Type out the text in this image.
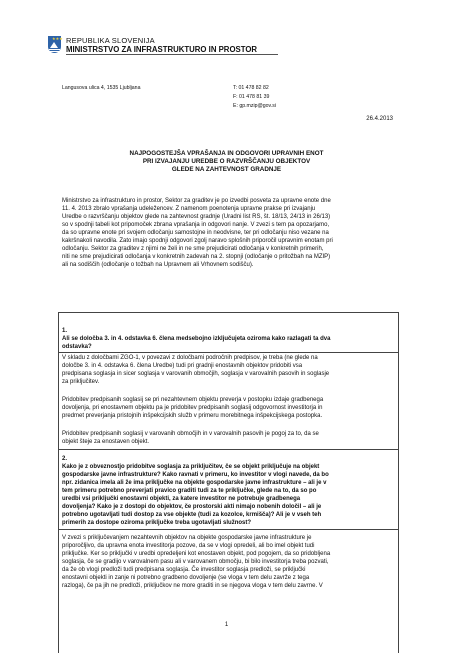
★★★ REPUBLIKA SLOVENIJA
MINISTRSTVO ZA INFRASTRUKTURO IN PROSTOR
Langusova ulica 4, 1535 Ljubljana	T: 01 478 82 82
F: 01 478 81 39
E: gp.mzip@gov.si
26.4.2013
NAJPOGOSTEJŠA VPRAŠANJA IN ODGOVORI UPRAVNIH ENOT
PRI IZVAJANJU UREDBE O RAZVRŠČANJU OBJEKTOV
GLEDE NA ZAHTEVNOST GRADNJE
Ministrstvo za infrastrukturo in prostor, Sektor za graditev je po izvedbi posveta za upravne enote dne
11. 4. 2013 zbralo vprašanja udeležencev. Z namenom poenotenja upravne prakse pri izvajanju
Uredbe o razvrščanju objektov glede na zahtevnost gradnje (Uradni list RS, št. 18/13, 24/13 in 26/13)
so v spodnji tabeli kot pripomoček zbrana vprašanja in odgovori nanje. V zvezi s tem pa opozarjamo,
da so upravne enote pri svojem odločanju samostojne in neodvisne, ter pri odločanju niso vezane na
kakršnakoli navodila. Zato imajo spodnji odgovori zgolj naravo splošnih priporočil upravnim enotam pri
odločanju. Sektor za graditev z njimi ne želi in ne sme prejudicirati odločanja v konkretnih primerih,
niti ne sme prejudicirati odločanja v konkretnih zadevah na 2. stopnji (odločanje o pritožbah na MZIP)
ali na sodiščih (odločanje o tožbah na Upravnem ali Vrhovnem sodišču).
1.
Ali se določba 3. in 4. odstavka 6. člena medsebojno izključujeta oziroma kako razlagati ta dva
odstavka?
V skladu z določbami ZGO-1, v povezavi z določbami področnih predpisov, je treba (ne glede na
določbe 3. in 4. odstavka 6. člena Uredbe) tudi pri gradnji enostavnih objektov pridobiti vsa
predpisana soglasja in sicer soglasja v varovanih območjih, soglasja v varovalnih pasovih in soglasje
za priključitev.
Pridobitev predpisanih soglasij se pri nezahtevnem objektu preverja v postopku izdaje gradbenega
dovoljenja, pri enostavnem objektu pa je pridobitev predpisanih soglasij odgovornost investitorja in
predmet preverjanja pristojnih inšpekcijskih služb v primeru morebitnega inšpekcijskega postopka.
Pridobitev predpisanih soglasij v varovanih območjih in v varovalnih pasovih je pogoj za to, da se
objekt šteje za enostaven objekt.
2.
Kako je z obveznostjo pridobitve soglasja za priključitev, če se objekt priključuje na objekt
gospodarske javne infrastrukture? Kako ravnati v primeru, ko investitor v vlogi navede, da bo
npr. zidanica imela ali že ima priključke na objekte gospodarske javne infrastrukture – ali je v
tem primeru potrebno preverjati pravico graditi tudi za te priključke, glede na to, da so po
uredbi vsi priključki enostavni objekti, za katere investitor ne potrebuje gradbenega
dovoljenja? Kako je z dostopi do objektov, če prostorski akti nimajo nobenih določil – ali je
potrebno ugotavljati tudi dostop za vse objekte (tudi za kozolce, krmišča)? Ali je v vseh teh
primerih za dostope oziroma priključke treba ugotavljati služnost?
V zvezi s priključevanjem nezahtevnih objektov na objekte gospodarske javne infrastrukture je
priporočljivo, da upravna enota investitorja pozove, da se v vlogi opredeli, ali bo imel objekt tudi
priključke. Ker so priključki v uredbi opredeljeni kot enostaven objekt, pod pogojem, da so pridobljena
soglasja, če se gradijo v varovalnem pasu ali v varovanem območju, bi bilo investitorja treba pozvati,
da že ob vlogi predloži tudi predpisana soglasja. Če investitor soglasja predloži, se priključki
enostavni objekti in zanje ni potrebno gradbeno dovoljenje (se vloga v tem delu zavrže z tega
razloga), če pa jih ne predloži, priključkov ne more graditi in se njegova vloga v tem delu zavrne. V
1
